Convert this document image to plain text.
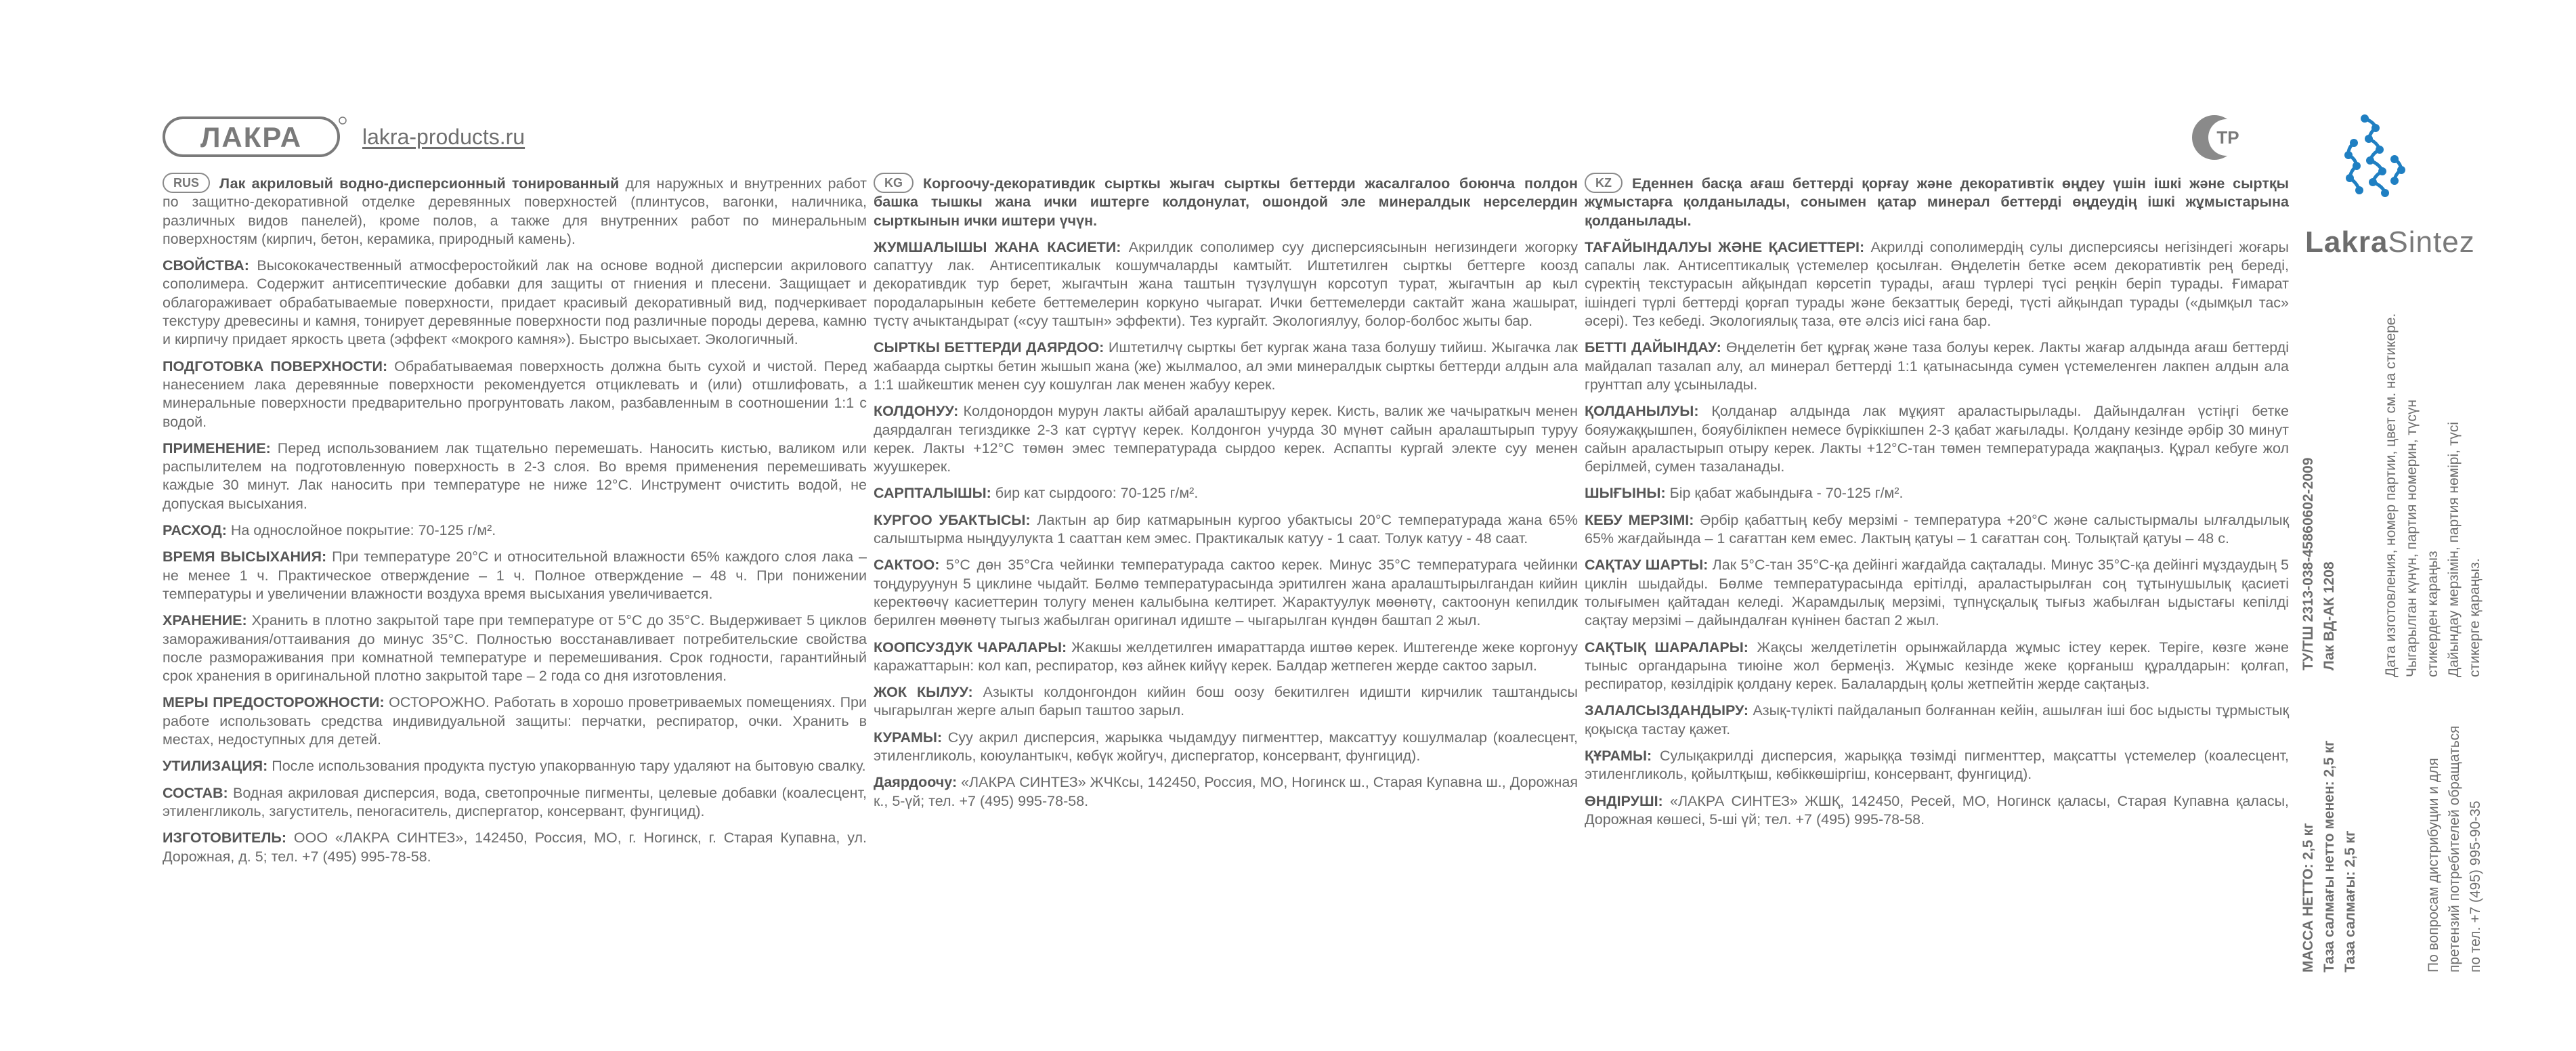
ЛАКРА	lakra-products.ru	TP
LakraSintez

RUS Лак акриловый водно-дисперсионный тонированный для наружных и внутренних работ по защитно-декоративной отделке деревянных поверхностей (плинтусов, вагонки, наличника, различных видов панелей), кроме полов, а также для внутренних работ по минеральным поверхностям (кирпич, бетон, керамика, природный камень).

СВОЙСТВА: Высококачественный атмосферостойкий лак на основе водной дисперсии акрилового сополимера. Содержит антисептические добавки для защиты от гниения и плесени. Защищает и облагораживает обрабатываемые поверхности, придает красивый декоративный вид, подчеркивает текстуру древесины и камня, тонирует деревянные поверхности под различные породы дерева, камню и кирпичу придает яркость цвета (эффект «мокрого камня»). Быстро высыхает. Экологичный.

ПОДГОТОВКА ПОВЕРХНОСТИ: Обрабатываемая поверхность должна быть сухой и чистой. Перед нанесением лака деревянные поверхности рекомендуется отциклевать и (или) отшлифовать, а минеральные поверхности предварительно прогрунтовать лаком, разбавленным в соотношении 1:1 с водой.

ПРИМЕНЕНИЕ: Перед использованием лак тщательно перемешать. Наносить кистью, валиком или распылителем на подготовленную поверхность в 2-3 слоя. Во время применения перемешивать каждые 30 минут. Лак наносить при температуре не ниже 12°С. Инструмент очистить водой, не допуская высыхания.

РАСХОД: На однослойное покрытие: 70-125 г/м².

ВРЕМЯ ВЫСЫХАНИЯ: При температуре 20°С и относительной влажности 65% каждого слоя лака – не менее 1 ч. Практическое отверждение – 1 ч. Полное отверждение – 48 ч. При понижении температуры и увеличении влажности воздуха время высыхания увеличивается.

ХРАНЕНИЕ: Хранить в плотно закрытой таре при температуре от 5°С до 35°С. Выдерживает 5 циклов замораживания/оттаивания до минус 35°С. Полностью восстанавливает потребительские свойства после размораживания при комнатной температуре и перемешивания. Срок годности, гарантийный срок хранения в оригинальной плотно закрытой таре – 2 года со дня изготовления.

МЕРЫ ПРЕДОСТОРОЖНОСТИ: ОСТОРОЖНО. Работать в хорошо проветриваемых помещениях. При работе использовать средства индивидуальной защиты: перчатки, респиратор, очки. Хранить в местах, недоступных для детей.

УТИЛИЗАЦИЯ: После использования продукта пустую упакорванную тару удаляют на бытовую свалку.

СОСТАВ: Водная акриловая дисперсия, вода, светопрочные пигменты, целевые добавки (коалесцент, этиленгликоль, загуститель, пеногаситель, диспергатор, консервант, фунгицид).

ИЗГОТОВИТЕЛЬ: ООО «ЛАКРА СИНТЕЗ», 142450, Россия, МО, г. Ногинск, г. Старая Купавна, ул. Дорожная, д. 5; тел. +7 (495) 995-78-58.

KG Коргоочу-декоративдик сырткы жыгач сырткы беттерди жасалгалоо боюнча полдон башка тышкы жана ички иштерге колдонулат, ошондой эле минералдык нерселердин сырткынын ички иштери үчүн.

ЖУМШАЛЫШЫ ЖАНА КАСИЕТИ: Акрилдик сополимер суу дисперсиясынын негизиндеги жогорку сапаттуу лак. Антисептикалык кошумчаларды камтыйт. Иштетилген сырткы беттерге коозд декоративдик тур берет, жыгачтын жана таштын түзүлүшүн корсотуп турат, жыгачтын ар кыл породаларынын кебете беттемелерин коркуно чыгарат. Ички беттемелерди сактайт жана жашырат, түстү ачыктандырат («суу таштын» эффекти). Тез кургайт. Экологиялуу, болор-болбос жыты бар.

СЫРТКЫ БЕТТЕРДИ ДАЯРДОО: Иштетилчү сырткы бет кургак жана таза болушу тийиш. Жыгачка лак жабаарда сырткы бетин жышып жана (же) жылмалоо, ал эми минералдык сырткы беттерди алдын ала 1:1 шайкештик менен суу кошулган лак менен жабуу керек.

КОЛДОНУУ: Колдонордон мурун лакты айбай аралаштыруу керек. Кисть, валик же чачыраткыч менен даярдалган тегиздикке 2-3 кат сүртүү керек. Колдонгон учурда 30 мүнөт сайын аралаштырып туруу керек. Лакты +12°С төмөн эмес температурада сырдоо керек. Аспапты кургай электе суу менен жуушкерек.

САРПТАЛЫШЫ: бир кат сырдоого: 70-125 г/м².

КУРГОО УБАКТЫСЫ: Лактын ар бир катмарынын кургоо убактысы 20°С температурада жана 65% салыштырма ныңдуулукта 1 сааттан кем эмес. Практикалык катуу - 1 саат. Толук катуу - 48 саат.

САКТОО: 5°С дөн 35°Сга чейинки температурада сактоо керек. Минус 35°С температурага чейинки тоңдуруунун 5 циклине чыдайт. Бөлмө температурасында эритилген жана аралаштырылгандан кийин керектөөчү касиеттерин толугу менен калыбына келтирет. Жарактуулук мөөнөтү, сактоонун кепилдик берилген мөөнөтү тыгыз жабылган оригинал идиште – чыгарылган күндөн баштап 2 жыл.

КООПСУЗДУК ЧАРАЛАРЫ: Жакшы желдетилген имараттарда иштөө керек. Иштегенде жеке коргонуу каражаттарын: кол кап, респиратор, көз айнек кийүү керек. Балдар жетпеген жерде сактоо зарыл.

ЖОК КЫЛУУ: Азыкты колдонгондон кийин бош оозу бекитилген идишти кирчилик таштандысы чыгарылган жерге алып барып таштоо зарыл.

КУРАМЫ: Суу акрил дисперсия, жарыкка чыдамдуу пигменттер, максаттуу кошулмалар (коалесцент, этиленгликоль, коюулантыкч, көбүк жойгуч, диспергатор, консервант, фунгицид).

Даярдоочу: «ЛАКРА СИНТЕЗ» ЖЧКсы, 142450, Россия, МО, Ногинск ш., Старая Купавна ш., Дорожная к., 5-үй; тел. +7 (495) 995-78-58.

KZ Еденнен басқа ағаш беттерді қорғау және декоративтік өңдеу үшін ішкі және сыртқы жұмыстарға қолданылады, сонымен қатар минерал беттерді өңдеудің ішкі жұмыстарына қолданылады.

ТАҒАЙЫНДАЛУЫ ЖӘНЕ ҚАСИЕТТЕРІ: Акрилді сополимердің сулы дисперсиясы негізіндегі жоғары сапалы лак. Антисептикалық үстемелер қосылған. Өңделетін бетке әсем декоративтік рең береді, сүректің текстурасын айқындап көрсетіп турады, ағаш түрлері түсі реңкін беріп турады. Ғимарат ішіндегі түрлі беттерді қорғап турады және бекзаттық береді, түсті айқындап турады («дымқыл тас» әсері). Тез кебеді. Экологиялық таза, өте әлсіз иісі ғана бар.

БЕТТІ ДАЙЫНДАУ: Өңделетін бет құрғақ және таза болуы керек. Лакты жағар алдында ағаш беттерді майдалап тазалап алу, ал минерал беттерді 1:1 қатынасында сумен үстемеленген лакпен алдын ала грунттап алу ұсынылады.

ҚОЛДАНЫЛУЫ: Қолданар алдында лак мұқият араластырылады. Дайындалған үстіңгі бетке бояужаққышпен, бояубілікпен немесе бүріккішпен 2-3 қабат жағылады. Қолдану кезінде әрбір 30 минут сайын араластырып отыру керек. Лакты +12°С-тан төмен температурада жақпаңыз. Құрал кебуге жол берілмей, сумен тазаланады.

ШЫҒЫНЫ: Бір қабат жабындыға - 70-125 г/м².

КЕБУ МЕРЗІМІ: Әрбір қабаттың кебу мерзімі - температура +20°С және салыстырмалы ылғалдылық 65% жағдайында – 1 сағаттан кем емес. Лактың қатуы – 1 сағаттан соң. Толықтай қатуы – 48 с.

САҚТАУ ШАРТЫ: Лак 5°С-тан 35°С-қа дейінгі жағдайда сақталады. Минус 35°С-қа дейінгі мұздаудың 5 циклін шыдайды. Бөлме температурасында ерітілді, араластырылған соң тұтынушылық қасиеті толығымен қайтадан келеді. Жарамдылық мерзімі, тұпнұсқалық тығыз жабылған ыдыстағы кепілді сақтау мерзімі – дайындалған күнінен бастап 2 жыл.

САҚТЫҚ ШАРАЛАРЫ: Жақсы желдетілетін орынжайларда жұмыс істеу керек. Теріге, көзге және тыныс органдарына тиюіне жол бермеңіз. Жұмыс кезінде жеке қорғаныш құралдарын: қолғап, респиратор, көзілдірік қолдану керек. Балалардың қолы жетпейтін жерде сақтаңыз.

ЗАЛАЛСЫЗДАНДЫРУ: Азық-түлікті пайдаланып болғаннан кейін, ашылған іші бос ыдысты тұрмыстық қоқысқа тастау қажет.

ҚҰРАМЫ: Сулықакрилді дисперсия, жарыққа төзімді пигменттер, мақсатты үстемелер (коалесцент, этиленгликоль, қойылтқыш, көбіккөшіргіш, консервант, фунгицид).

ӨНДІРУШІ: «ЛАКРА СИНТЕЗ» ЖШҚ, 142450, Ресей, МО, Ногинск қаласы, Старая Купавна қаласы, Дорожная көшесі, 5-ші үй; тел. +7 (495) 995-78-58.

МАССА НЕТТО: 2,5 кг Таза салмағы нетто менен: 2,5 кг Таза салмағы: 2,5 кг
ТУ/ТШ 2313-038-45860602-2009 Лак ВД-АК 1208	Дата изготовления, номер партии, цвет см. на стикере. Чыгарылган күнүн, партия номерин, түсүн стикерден караңыз Дайындау мерзімін, партия нөмірі, түсі стикерге қараңыз.
По вопросам дистрибуции и для претензий потребителей обращаться по тел. +7 (495) 995-90-35
